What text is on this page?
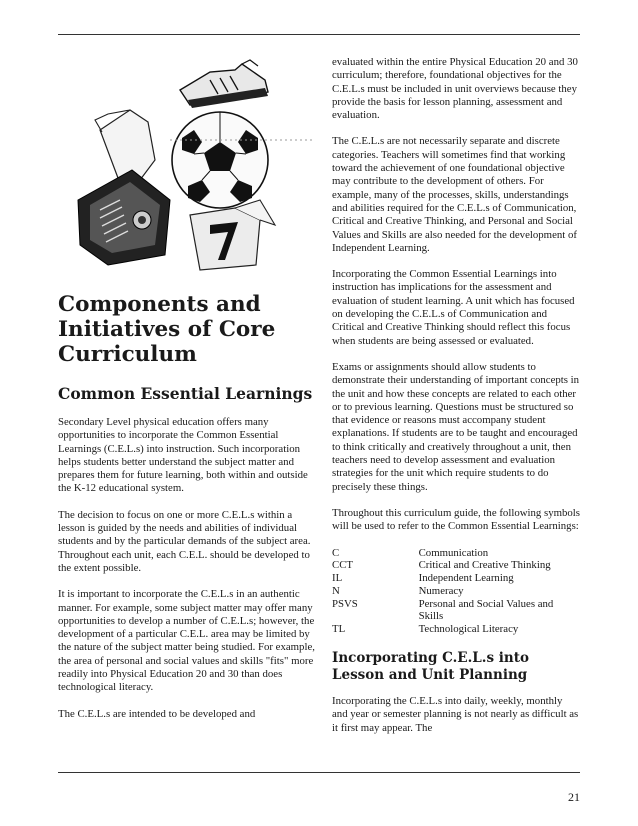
Components and Initiatives of Core Curriculum
Common Essential Learnings

Secondary Level physical education offers many opportunities to incorporate the Common Essential Learnings (C.E.L.s) into instruction. Such incorporation helps students better understand the subject matter and prepares them for future learning, both within and outside the K-12 educational system.

The decision to focus on one or more C.E.L.s within a lesson is guided by the needs and abilities of individual students and by the particular demands of the subject area. Throughout each unit, each C.E.L. should be developed to the extent possible.

It is important to incorporate the C.E.L.s in an authentic manner. For example, some subject matter may offer many opportunities to develop a number of C.E.L.s; however, the development of a particular C.E.L. area may be limited by the nature of the subject matter being studied. For example, the area of personal and social values and skills "fits" more readily into Physical Education 20 and 30 than does technological literacy.

The C.E.L.s are intended to be developed and

evaluated within the entire Physical Education 20 and 30 curriculum; therefore, foundational objectives for the C.E.L.s must be included in unit overviews because they provide the basis for lesson planning, assessment and evaluation.

The C.E.L.s are not necessarily separate and discrete categories. Teachers will sometimes find that working toward the achievement of one foundational objective may contribute to the development of others. For example, many of the processes, skills, understandings and abilities required for the C.E.L.s of Communication, Critical and Creative Thinking, and Personal and Social Values and Skills are also needed for the development of Independent Learning.

Incorporating the Common Essential Learnings into instruction has implications for the assessment and evaluation of student learning. A unit which has focused on developing the C.E.L.s of Communication and Critical and Creative Thinking should reflect this focus when students are being assessed or evaluated.

Exams or assignments should allow students to demonstrate their understanding of important concepts in the unit and how these concepts are related to each other or to previous learning. Questions must be structured so that evidence or reasons must accompany student explanations. If students are to be taught and encouraged to think critically and creatively throughout a unit, then teachers need to develop assessment and evaluation strategies for the unit which require students to do precisely these things.

Throughout this curriculum guide, the following symbols will be used to refer to the Common Essential Learnings:

C	Communication
CCT	Critical and Creative Thinking
IL	Independent Learning
N	Numeracy
PSVS	Personal and Social Values and Skills
TL	Technological Literacy
Incorporating C.E.L.s into Lesson and Unit Planning

Incorporating the C.E.L.s into daily, weekly, monthly and year or semester planning is not nearly as difficult as it first may appear. The

21
